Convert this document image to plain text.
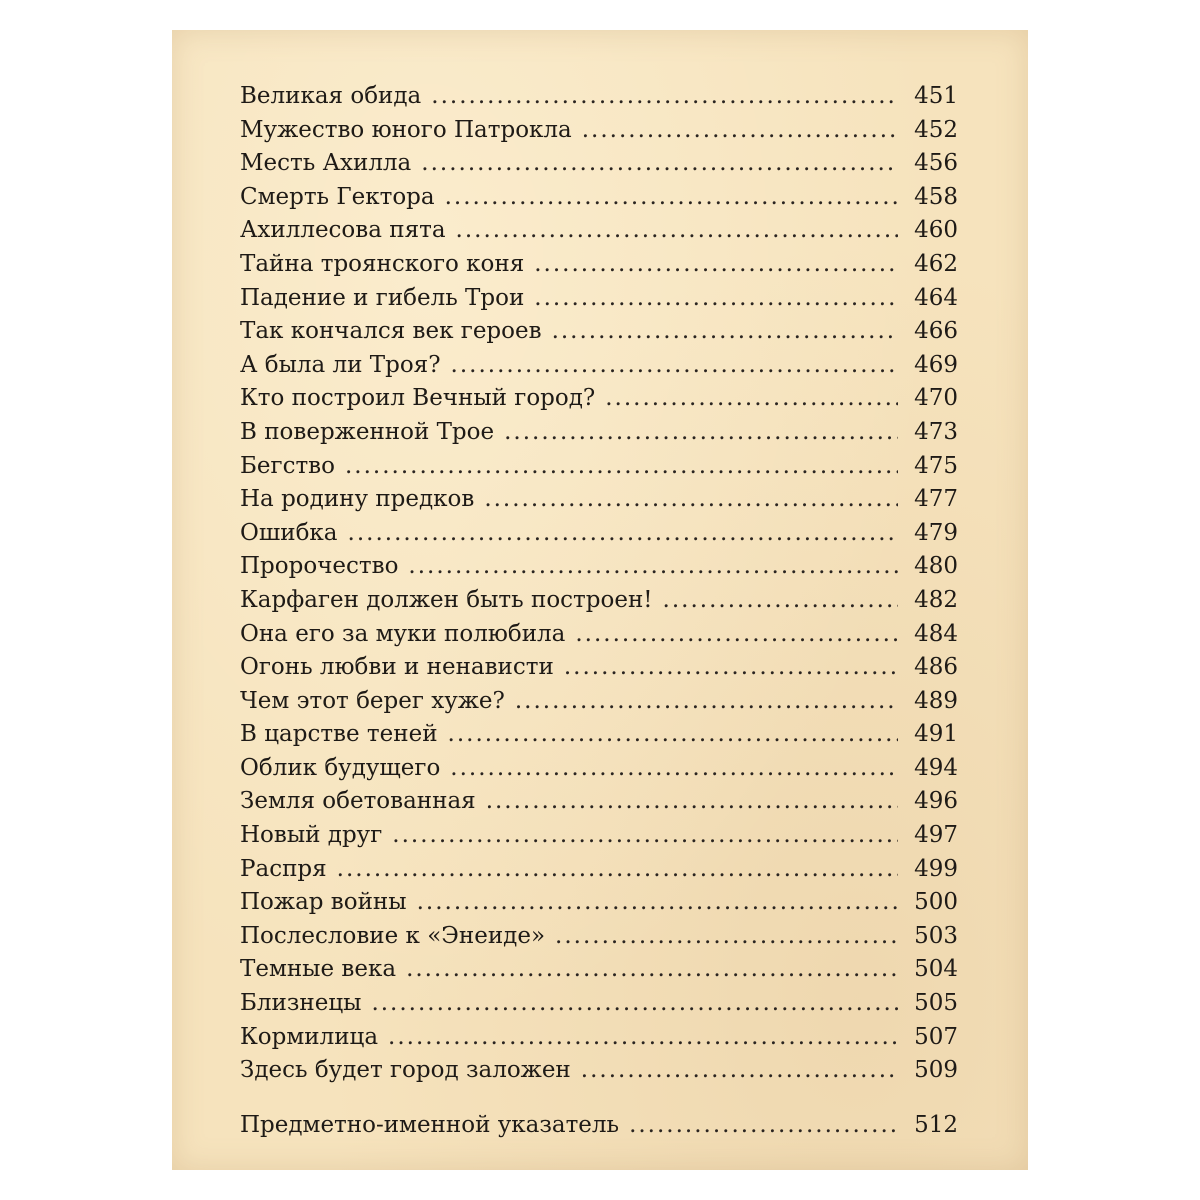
Великая обида .....	451
Мужество юного Патрокла .....	452
Месть Ахилла .....	456
Смерть Гектора .....	458
Ахиллесова пята .....	460
Тайна троянского коня .....	462
Падение и гибель Трои .....	464
Так кончался век героев .....	466
А была ли Троя? .....	469
Кто построил Вечный город? .....	470
В поверженной Трое .....	473
Бегство .....	475
На родину предков .....	477
Ошибка .....	479
Пророчество .....	480
Карфаген должен быть построен! .....	482
Она его за муки полюбила .....	484
Огонь любви и ненависти .....	486
Чем этот берег хуже? .....	489
В царстве теней .....	491
Облик будущего .....	494
Земля обетованная .....	496
Новый друг .....	497
Распря .....	499
Пожар войны .....	500
Послесловие к «Энеиде» .....	503
Темные века .....	504
Близнецы .....	505
Кормилица .....	507
Здесь будет город заложен .....	509
Предметно-именной указатель .....	512
